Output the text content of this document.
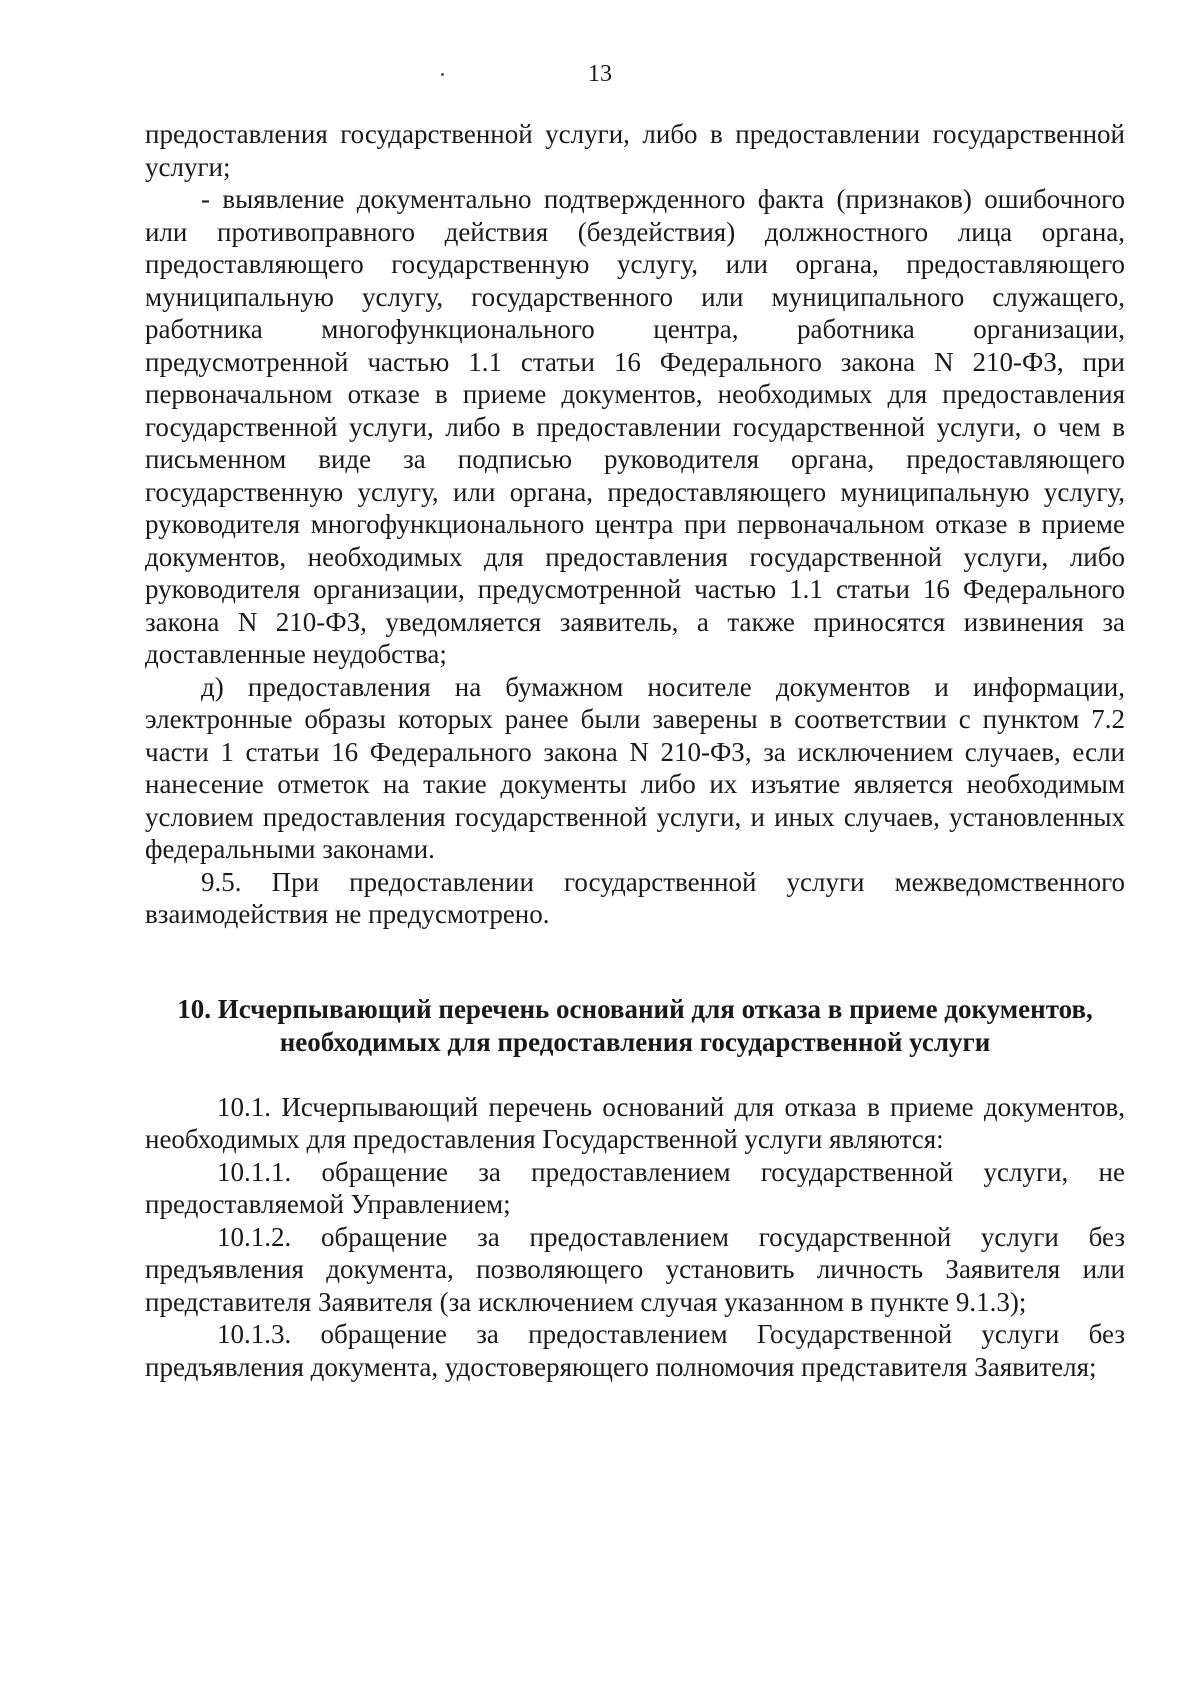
13

предоставления государственной услуги, либо в предоставлении государственной услуги;

- выявление документально подтвержденного факта (признаков) ошибочного или противоправного действия (бездействия) должностного лица органа, предоставляющего государственную услугу, или органа, предоставляющего муниципальную услугу, государственного или муниципального служащего, работника многофункционального центра, работника организации, предусмотренной частью 1.1 статьи 16 Федерального закона N 210-ФЗ, при первоначальном отказе в приеме документов, необходимых для предоставления государственной услуги, либо в предоставлении государственной услуги, о чем в письменном виде за подписью руководителя органа, предоставляющего государственную услугу, или органа, предоставляющего муниципальную услугу, руководителя многофункционального центра при первоначальном отказе в приеме документов, необходимых для предоставления государственной услуги, либо руководителя организации, предусмотренной частью 1.1 статьи 16 Федерального закона N 210-ФЗ, уведомляется заявитель, а также приносятся извинения за доставленные неудобства;

д) предоставления на бумажном носителе документов и информации, электронные образы которых ранее были заверены в соответствии с пунктом 7.2 части 1 статьи 16 Федерального закона N 210-ФЗ, за исключением случаев, если нанесение отметок на такие документы либо их изъятие является необходимым условием предоставления государственной услуги, и иных случаев, установленных федеральными законами.

9.5. При предоставлении государственной услуги межведомственного взаимодействия не предусмотрено.

10. Исчерпывающий перечень оснований для отказа в приеме документов, необходимых для предоставления государственной услуги

10.1. Исчерпывающий перечень оснований для отказа в приеме документов, необходимых для предоставления Государственной услуги являются:

10.1.1. обращение за предоставлением государственной услуги, не предоставляемой Управлением;

10.1.2. обращение за предоставлением государственной услуги без предъявления документа, позволяющего установить личность Заявителя или представителя Заявителя (за исключением случая указанном в пункте 9.1.3);

10.1.3. обращение за предоставлением Государственной услуги без предъявления документа, удостоверяющего полномочия представителя Заявителя;
